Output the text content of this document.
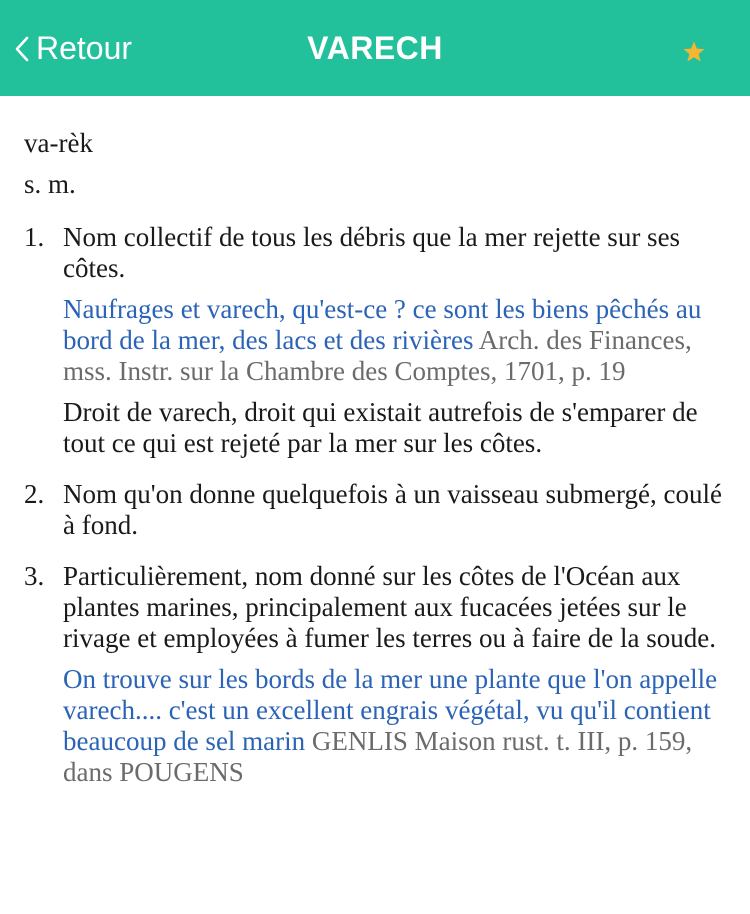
Retour	VARECH
va-rèk
s. m.
1. Nom collectif de tous les débris que la mer rejette sur ses côtes.
Naufrages et varech, qu'est-ce ? ce sont les biens pêchés au bord de la mer, des lacs et des rivières Arch. des Finances, mss. Instr. sur la Chambre des Comptes, 1701, p. 19
Droit de varech, droit qui existait autrefois de s'emparer de tout ce qui est rejeté par la mer sur les côtes.
2. Nom qu'on donne quelquefois à un vaisseau submergé, coulé à fond.
3. Particulièrement, nom donné sur les côtes de l'Océan aux plantes marines, principalement aux fucacées jetées sur le rivage et employées à fumer les terres ou à faire de la soude.
On trouve sur les bords de la mer une plante que l'on appelle varech.... c'est un excellent engrais végétal, vu qu'il contient beaucoup de sel marin GENLIS Maison rust. t. III, p. 159, dans POUGENS
